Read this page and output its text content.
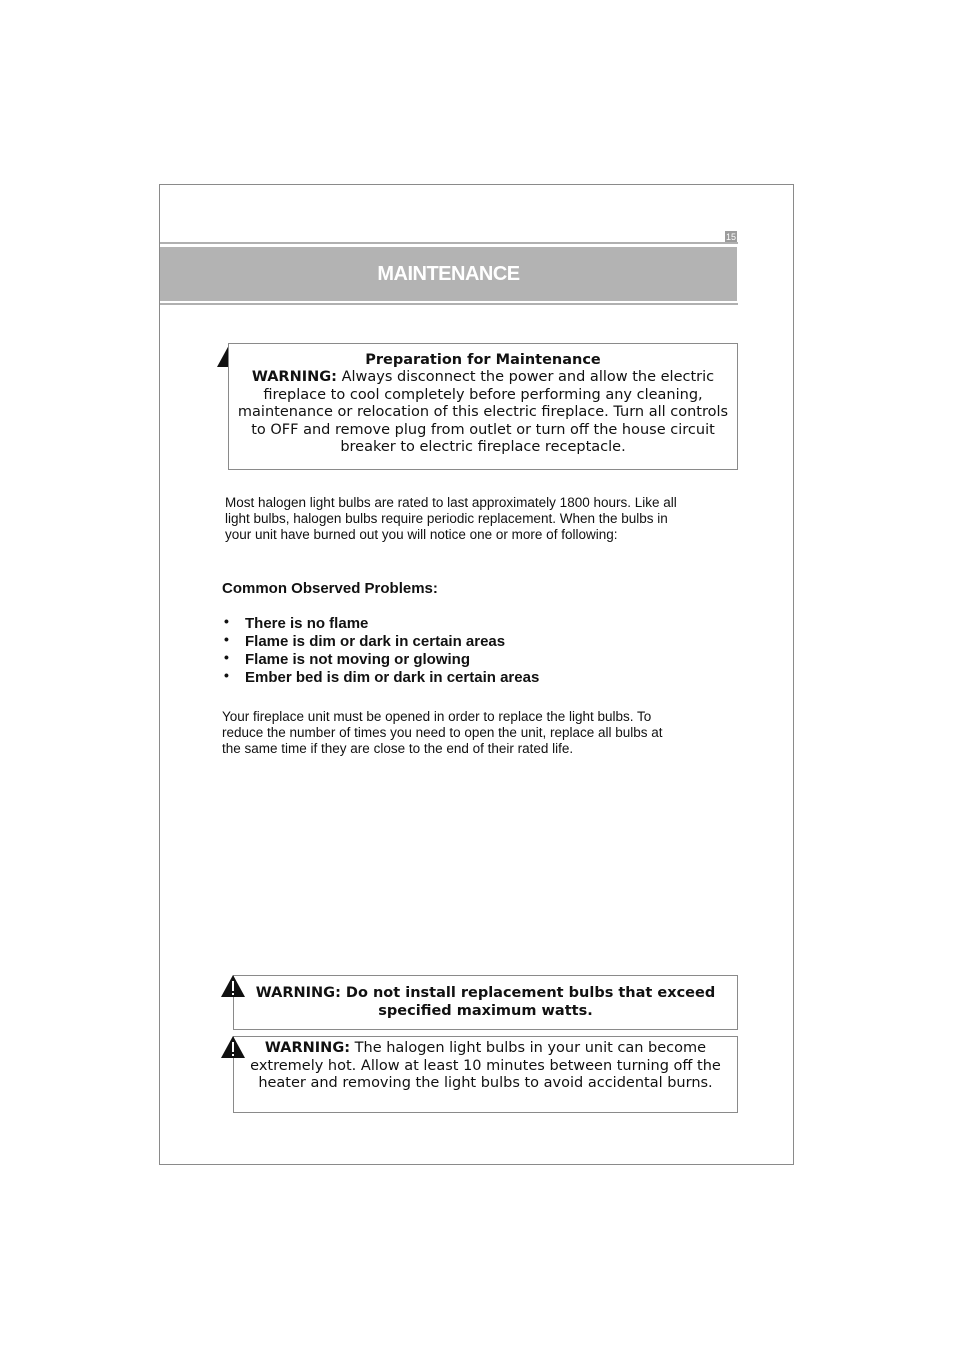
15
MAINTENANCE
Preparation for Maintenance
WARNING: Always disconnect the power and allow the electric fireplace to cool completely before performing any cleaning, maintenance or relocation of this electric fireplace. Turn all controls to OFF and remove plug from outlet or turn off the house circuit breaker to electric fireplace receptacle.
Most halogen light bulbs are rated to last approximately 1800 hours. Like all light bulbs, halogen bulbs require periodic replacement. When the bulbs in your unit have burned out you will notice one or more of following:
Common Observed Problems:
• There is no flame
• Flame is dim or dark in certain areas
• Flame is not moving or glowing
• Ember bed is dim or dark in certain areas
Your fireplace unit must be opened in order to replace the light bulbs. To reduce the number of times you need to open the unit, replace all bulbs at the same time if they are close to the end of their rated life.
WARNING: Do not install replacement bulbs that exceed specified maximum watts.
WARNING: The halogen light bulbs in your unit can become extremely hot. Allow at least 10 minutes between turning off the heater and removing the light bulbs to avoid accidental burns.
